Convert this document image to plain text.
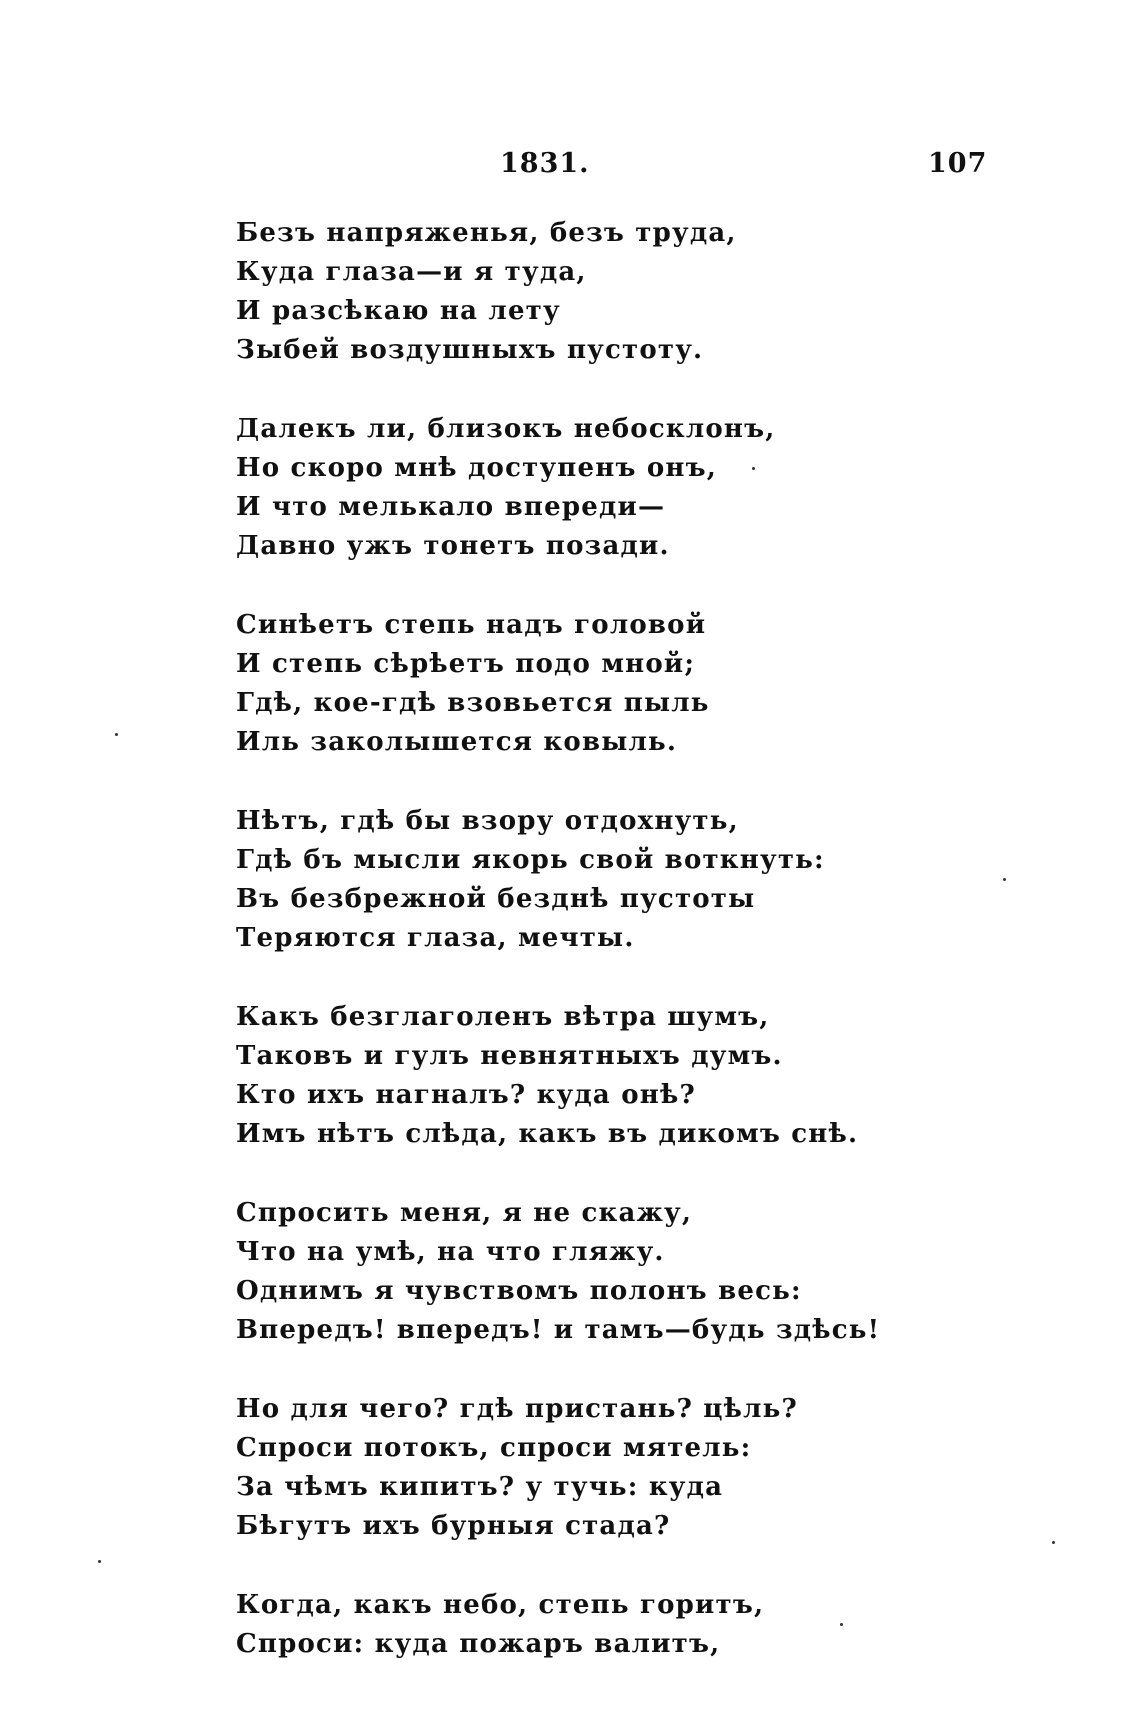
1831.	107
Безъ напряженья, безъ труда,
Куда глаза—и я туда,
И разсѣкаю на лету
Зыбей воздушныхъ пустоту.
Далекъ ли, близокъ небосклонъ,
Но скоро мнѣ доступенъ онъ,
И что мелькало впереди—
Давно ужъ тонетъ позади.
Синѣетъ степь надъ головой
И степь сѣрѣетъ подо мной;
Гдѣ, кое-гдѣ взовьется пыль
Иль заколышется ковыль.
Нѣтъ, гдѣ бы взору отдохнуть,
Гдѣ бъ мысли якорь свой воткнуть:
Въ безбрежной безднѣ пустоты
Теряются глаза, мечты.
Какъ безглаголенъ вѣтра шумъ,
Таковъ и гулъ невнятныхъ думъ.
Кто ихъ нагналъ? куда онѣ?
Имъ нѣтъ слѣда, какъ въ дикомъ снѣ.
Спросить меня, я не скажу,
Что на умѣ, на что гляжу.
Однимъ я чувствомъ полонъ весь:
Впередъ! впередъ! и тамъ—будь здѣсь!
Но для чего? гдѣ пристань? цѣль?
Спроси потокъ, спроси мятель:
За чѣмъ кипитъ? у тучь: куда
Бѣгутъ ихъ бурныя стада?
Когда, какъ небо, степь горитъ,
Спроси: куда пожаръ валитъ,
